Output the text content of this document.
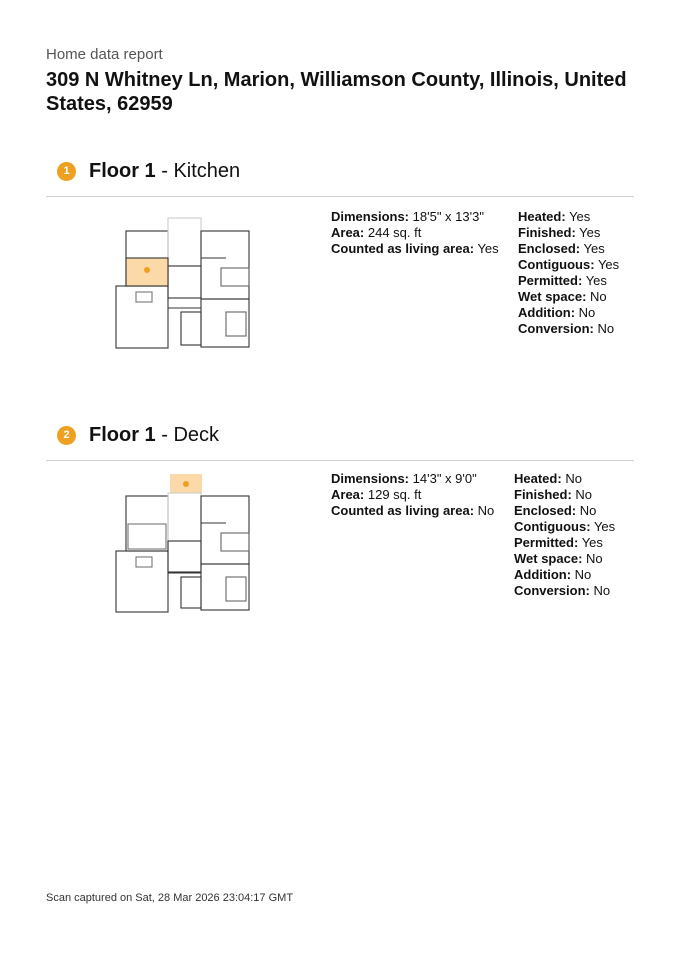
Home data report
309 N Whitney Ln, Marion, Williamson County, Illinois, United States, 62959
1 Floor 1 - Kitchen
Dimensions: 18'5" x 13'3"
Area: 244 sq. ft
Counted as living area: Yes
Heated: Yes
Finished: Yes
Enclosed: Yes
Contiguous: Yes
Permitted: Yes
Wet space: No
Addition: No
Conversion: No
2 Floor 1 - Deck
Dimensions: 14'3" x 9'0"
Area: 129 sq. ft
Counted as living area: No
Heated: No
Finished: No
Enclosed: No
Contiguous: Yes
Permitted: Yes
Wet space: No
Addition: No
Conversion: No
Scan captured on Sat, 28 Mar 2026 23:04:17 GMT
